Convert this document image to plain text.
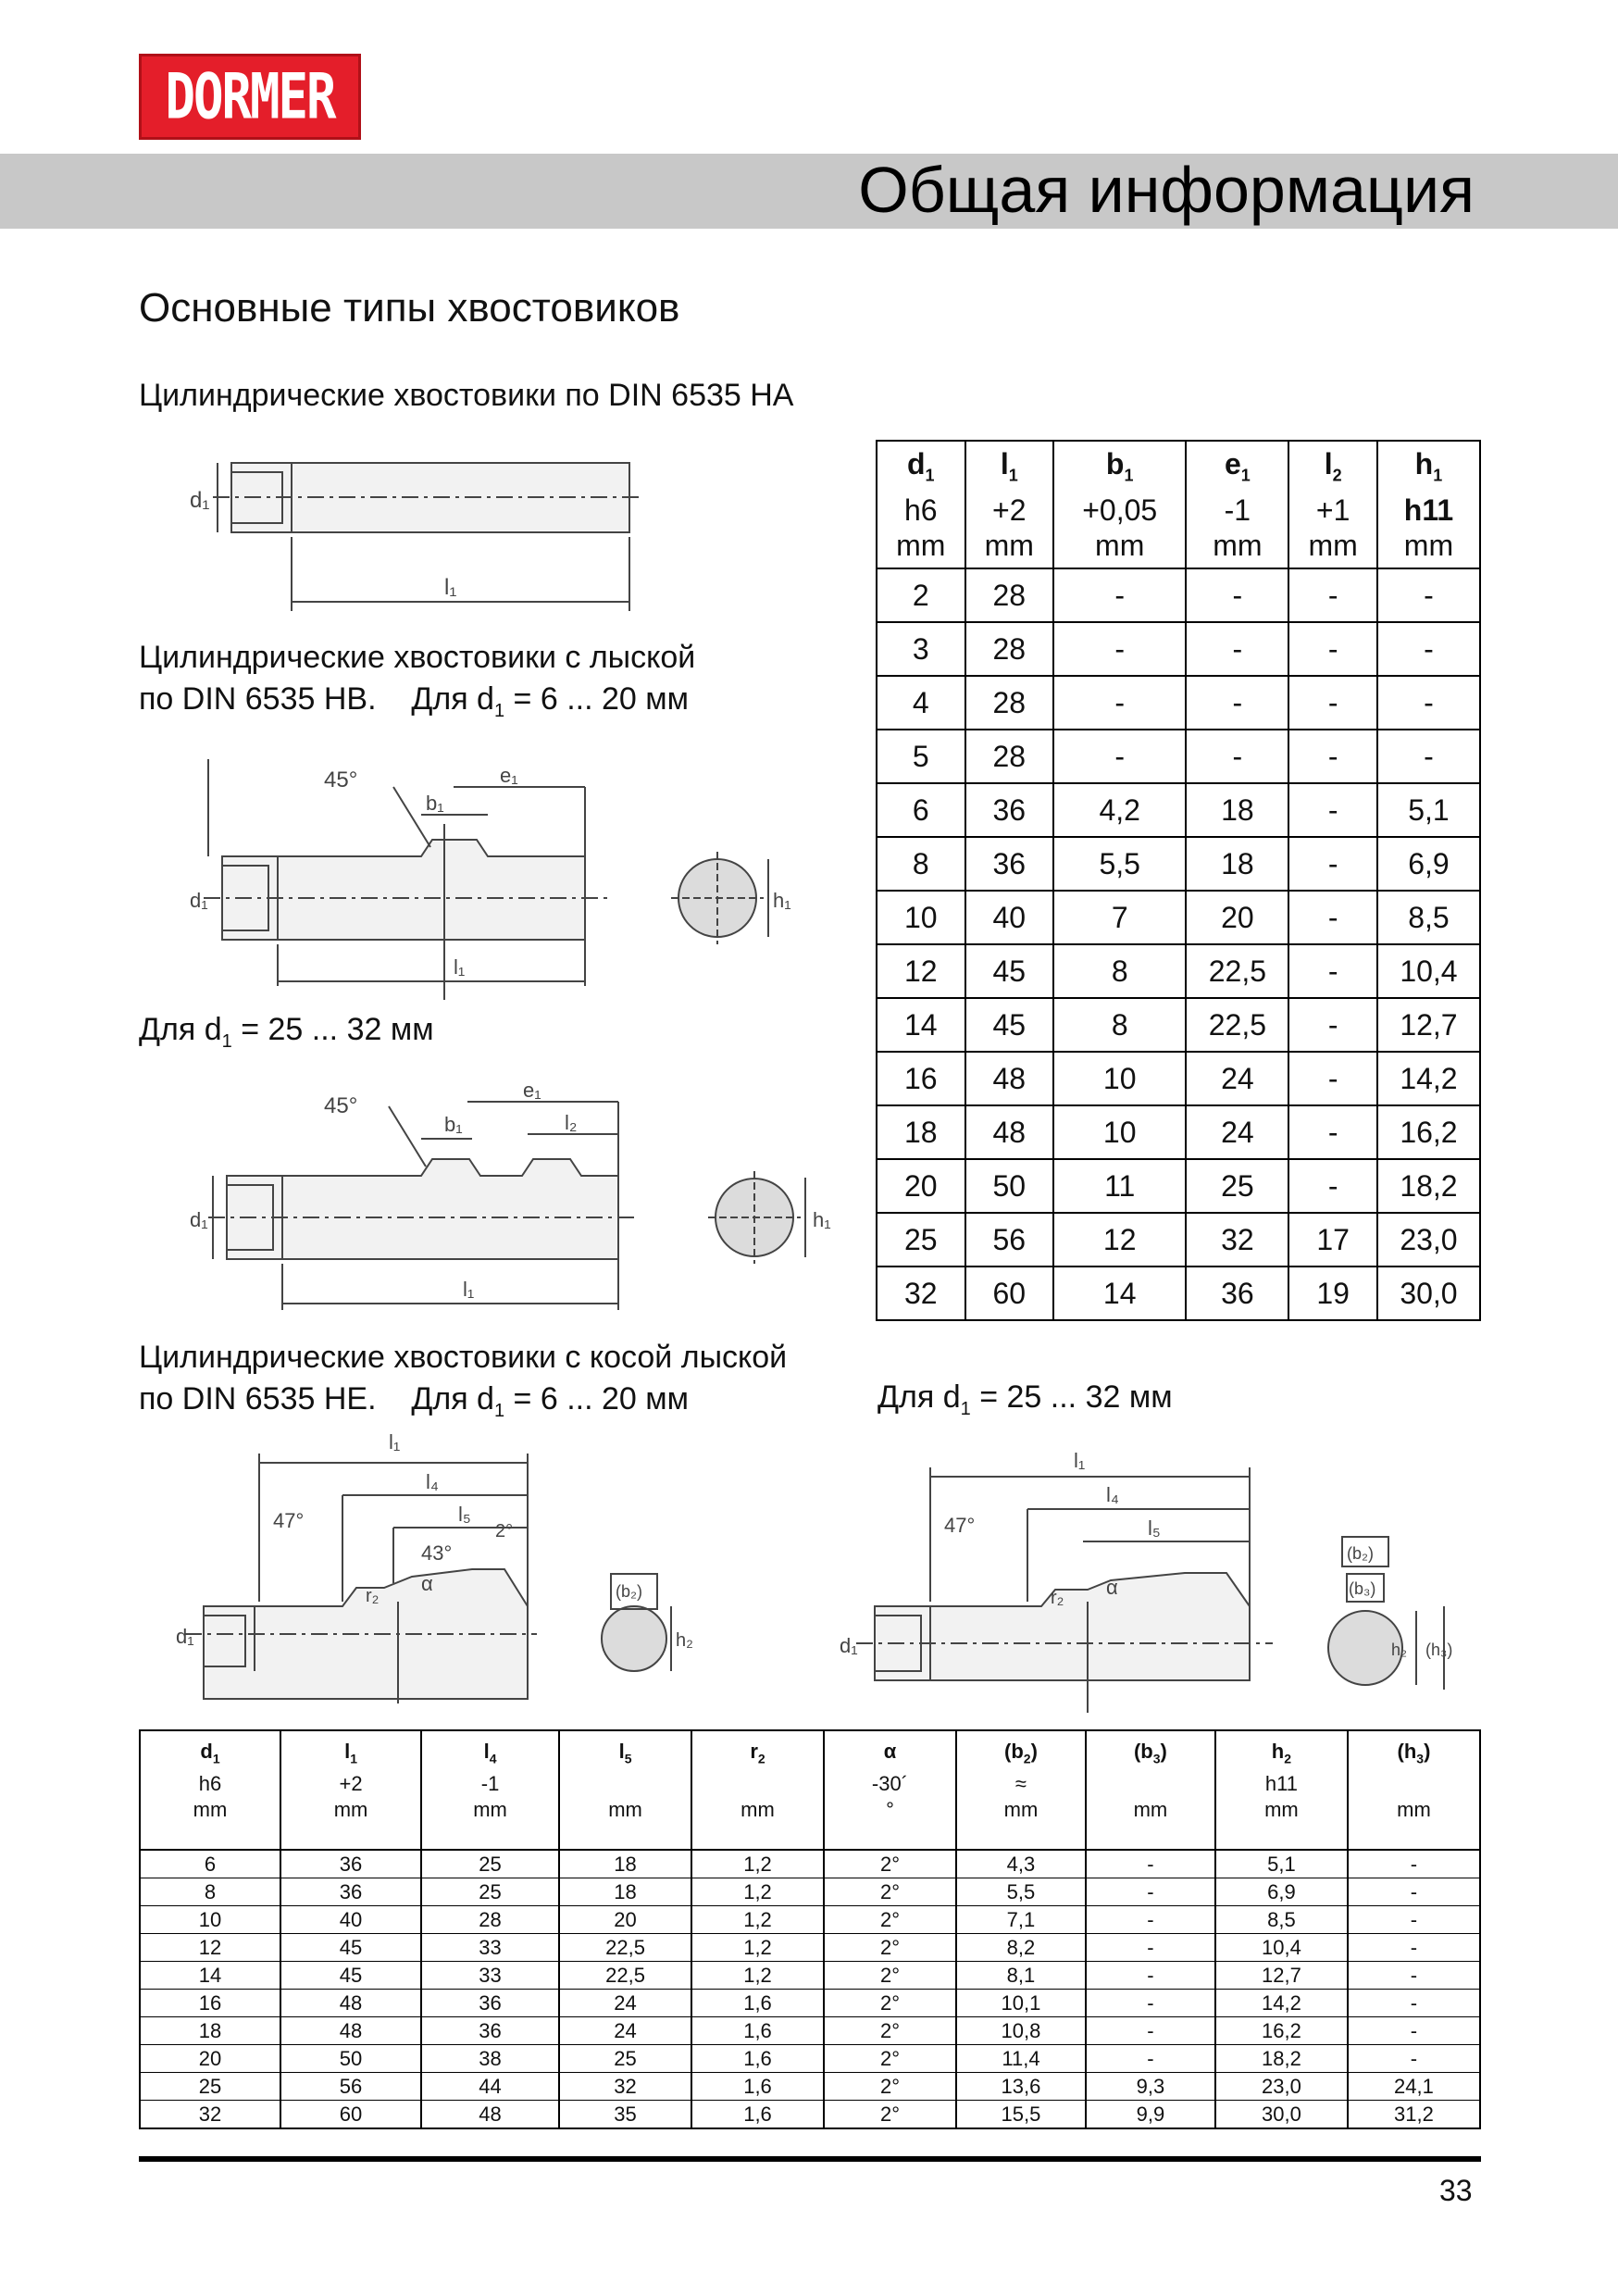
DORMER
Общая информация
Основные типы хвостовиков
Цилиндрические хвостовики по DIN 6535 HA
Цилиндрические хвостовики с лыской
по DIN 6535 HB. Для $d_1 = 6$ ... 20 мм
Для $d_1 = 25$ ... 32 мм
Цилиндрические хвостовики с косой лыской
по DIN 6535 HE. Для $d_1 = 6$ ... 20 мм	Для $d_1 = 25$ ... 32 мм
d₁
l₁
45°
b₁
e₁
d₁
l₁
h₁
45°
b₁
e₁
l₂
d₁
l₁
h₁
47°
43°
2°
l₁
l₄
l₅
r₂
α
d₁
(b₂)
h₂
47°
l₁
l₄
l₅
r₂ α
d₁
(b₂)
(b₃)
h₂ (h₃)
$d_1$
h6
mm	$l_1$
+2
mm	$b_1$
+0,05
mm	$e_1$
-1
mm	$l_2$
+1
mm	$h_1$
h11
mm
2	28	-	-	-	-
3	28	-	-	-	-
4	28	-	-	-	-
5	28	-	-	-	-
6	36	4,2	18	-	5,1
8	36	5,5	18	-	6,9
10	40	7	20	-	8,5
12	45	8	22,5	-	10,4
14	45	8	22,5	-	12,7
16	48	10	24	-	14,2
18	48	10	24	-	16,2
20	50	11	25	-	18,2
25	56	12	32	17	23,0
32	60	14	36	19	30,0
$d_1$
h6
mm	$l_1$
+2
mm	$l_4$
-1
mm	$l_5$

mm	$r_2$

mm	α
-30´
°	$(b_2)$
≈
mm	$(b_3)$

mm	$h_2$
h11
mm	$(h_3)$

mm
6	36	25	18	1,2	2°	4,3	-	5,1	-
8	36	25	18	1,2	2°	5,5	-	6,9	-
10	40	28	20	1,2	2°	7,1	-	8,5	-
12	45	33	22,5	1,2	2°	8,2	-	10,4	-
14	45	33	22,5	1,2	2°	8,1	-	12,7	-
16	48	36	24	1,6	2°	10,1	-	14,2	-
18	48	36	24	1,6	2°	10,8	-	16,2	-
20	50	38	25	1,6	2°	11,4	-	18,2	-
25	56	44	32	1,6	2°	13,6	9,3	23,0	24,1
32	60	48	35	1,6	2°	15,5	9,9	30,0	31,2
33
